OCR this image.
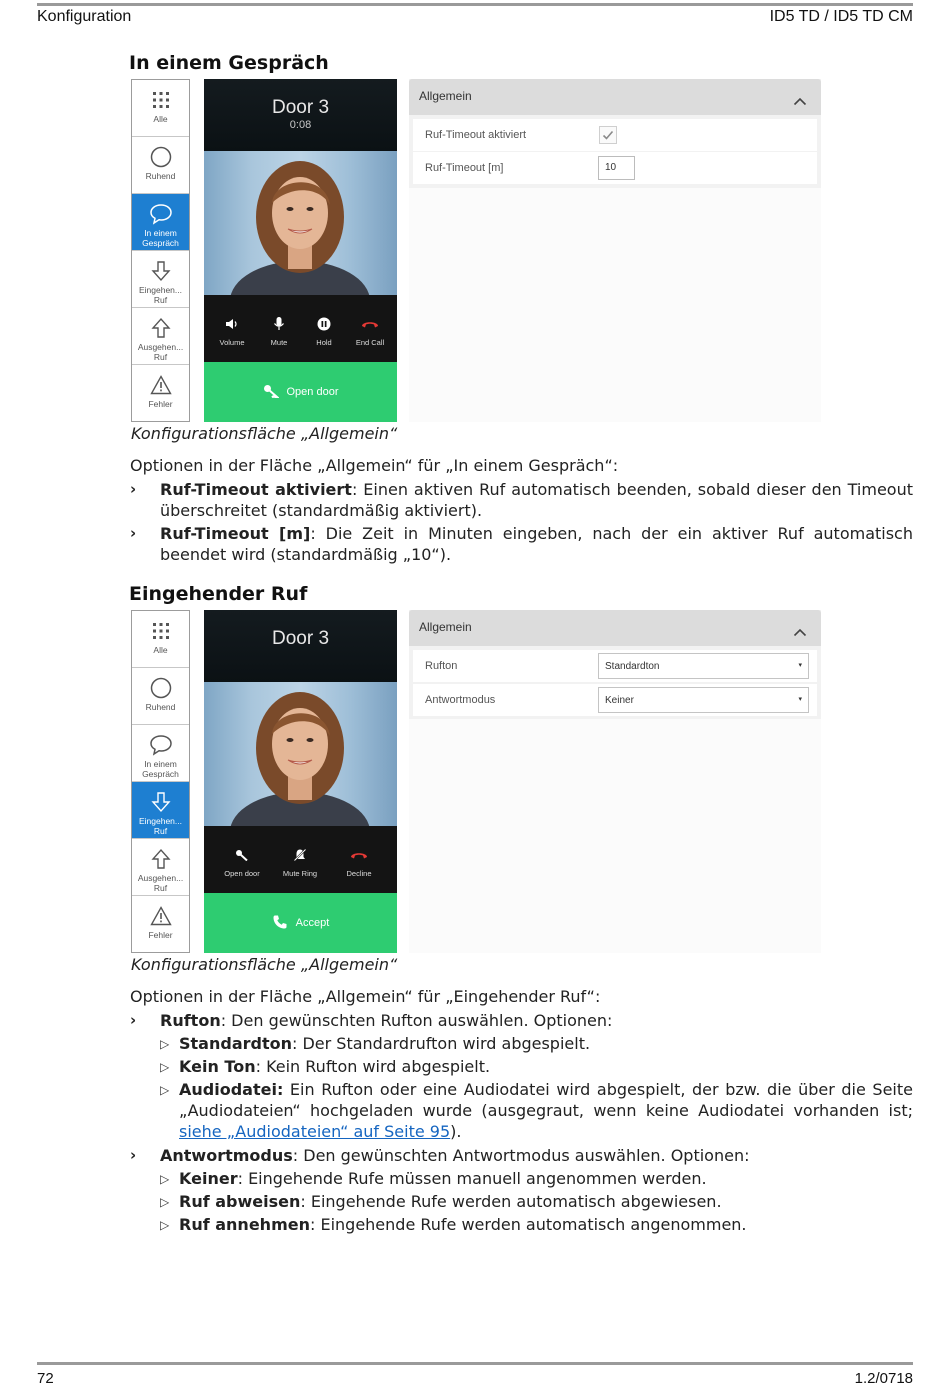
Konfiguration	ID5 TD / ID5 TD CM
72	1.2/0718
In einem Gespräch
Alle
Ruhend
In einem
Gespräch
Eingehen...
Ruf
Ausgehen...
Ruf
Fehler
Door 3
0:08
Volume	Mute	Hold	End Call
Open door
Allgemein
Ruf-Timeout aktiviert
Ruf-Timeout [m]	10
Konfigurationsfläche „Allgemein“
Optionen in der Fläche „Allgemein“ für „In einem Gespräch“:
› Ruf-Timeout aktiviert: Einen aktiven Ruf automatisch beenden, sobald dieser den Timeout überschreitet (standardmäßig aktiviert).
› Ruf-Timeout [m]: Die Zeit in Minuten eingeben, nach der ein aktiver Ruf automatisch beendet wird (standardmäßig „10“).
Eingehender Ruf
Alle
Ruhend
In einem
Gespräch
Eingehen...
Ruf
Ausgehen...
Ruf
Fehler
Door 3
Open door	Mute Ring	Decline
Accept
Allgemein
Rufton	Standardton	▾
Antwortmodus	Keiner	▾
Konfigurationsfläche „Allgemein“
Optionen in der Fläche „Allgemein“ für „Eingehender Ruf“:
› Rufton: Den gewünschten Rufton auswählen. Optionen:
▷ Standardton: Der Standardrufton wird abgespielt.
▷ Kein Ton: Kein Rufton wird abgespielt.
▷ Audiodatei: Ein Rufton oder eine Audiodatei wird abgespielt, der bzw. die über die Seite „Audiodateien“ hochgeladen wurde (ausgegraut, wenn keine Audiodatei vorhanden ist; siehe „Audiodateien“ auf Seite 95).
› Antwortmodus: Den gewünschten Antwortmodus auswählen. Optionen:
▷ Keiner: Eingehende Rufe müssen manuell angenommen werden.
▷ Ruf abweisen: Eingehende Rufe werden automatisch abgewiesen.
▷ Ruf annehmen: Eingehende Rufe werden automatisch angenommen.
